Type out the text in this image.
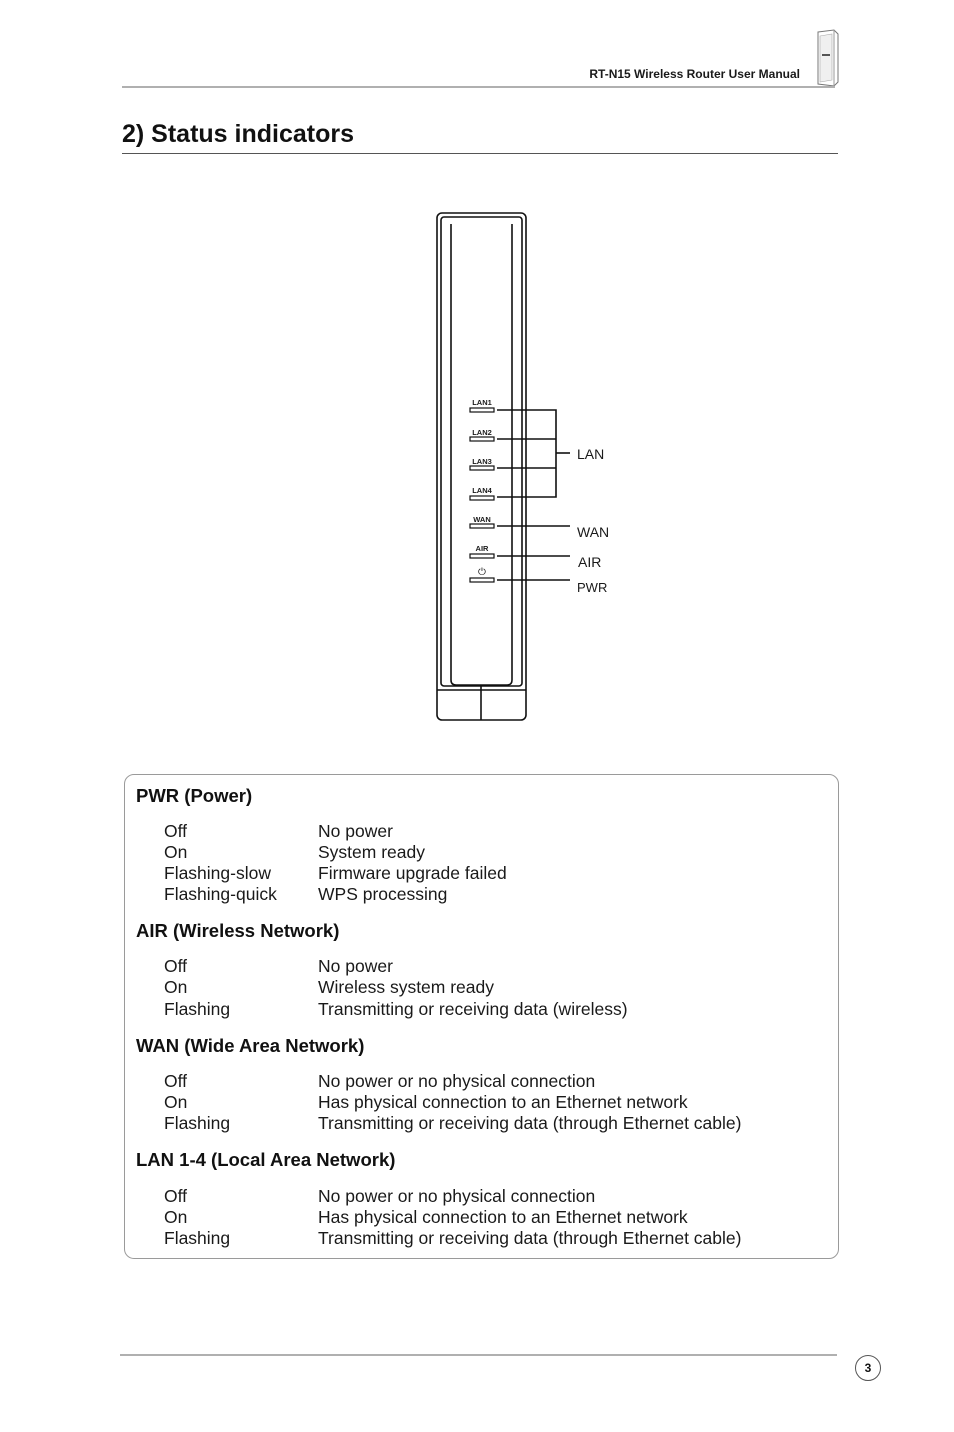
RT-N15 Wireless Router User Manual
2) Status indicators
LAN1
LAN2
LAN3
LAN4
WAN
AIR
⏻
LAN
WAN
AIR
PWR
PWR (Power)
Off	No power
On	System ready
Flashing-slow	Firmware upgrade failed
Flashing-quick WPS processing
AIR (Wireless Network)
Off	No power
On	Wireless system ready
Flashing	Transmitting or receiving data (wireless)
WAN (Wide Area Network)
Off	No power or no physical connection
On	Has physical connection to an Ethernet network
Flashing	Transmitting or receiving data (through Ethernet cable)
LAN 1-4 (Local Area Network)
Off	No power or no physical connection
On	Has physical connection to an Ethernet network
Flashing	Transmitting or receiving data (through Ethernet cable)
3
